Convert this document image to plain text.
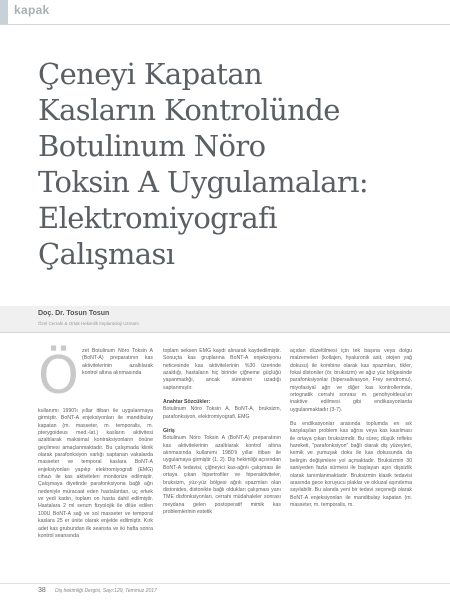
kapak
Çeneyi Kapatan
Kasların Kontrolünde
Botulinum Nöro
Toksin A Uygulamaları:
Elektromiyografi
Çalışması
Doç. Dr. Tosun Tosun
Özel Cerrahi & Ortak Hekimlik İmplantoloji Uzmanı
Ö zet Botulinum Nöro Toksin A (BoNT-A) preparatının kas aktivitelerinin azaltılarak kontrol altına alınmasında

kullanımı 1990'lı yıllar itibarı ile uygulanmaya girmiştir. BoNT-A enjeksiyonları ile mandibulay kapatan (m. masseter, m. temporalis, m. pterygoideus med.-lat.) kasların aktivitesi azaltılarak maksimal kontraksiyonların önüne geçilmesi amaçlanmaktadır. Bu çalışmada klinik olarak parafonksiyon varlığı saptanan vakalarda masseter ve temporal kaslara BoNT-A enjeksiyonları yapılıp elektromiyografi (EMG) cihazı ile kas aktiviteleri monitorize edilmiştir. Çalışmaya diyetinde parafonksiyona bağlı ağrı nedeniyle müracaat eden hastalardan, uç erkek ve yedi kadın, toplam on hasta dahil edilmiştir. Hastalara 2 ml serum fizyolojik ile dilüe edilen 100U BoNT-A sağ ve sol masseter ve temporal kaslara 25 er ünite olarak enjekte edilmiştir. Kırk adet kas grubundan ilk seansta ve iki hafta sonra kontrol seansında

toplam seksen EMG kaydı alınarak kaydedilmiştir. Sonuçta kas gruplarına BoNT-A enjeksiyonu neticesinde kas aktivitelerinin %30 üzerinde azaldığı, hastaların hiç birinde çiğneme güçlüğü yaşanmadığı, ancak süresinin uzadığı saptanmıştır.

Anahtar Sözcükler:

Botulinum Nöro Toksin A, BoNT-A, bruksizm, parafonksiyon, elektromiyografi, EMG

Giriş

Botulinum Nöro Toksin A (BoNT-A) preparatının kas aktivitelerinin azaltılarak kontrol altına alınmasında kullanımı 1980'li yıllar itibarı ile uygulamaya girmiştir (1, 2). Diş hekimliği açısından BoNT-A tedavisi, çiğneyici kas-ağrılı çalışması ile ortaya çıkan hipertrofiler ve hiperaktiviteler, bruksizm, yüz-yüz bölgesi ağrılı spazmları olan distonides, distonikte bağlı oldukları çalışması yanı TME disfonksiyonları, cerrahi müdahaleler sonrası meydana gelen postoperatif mimik kas problemlerinin estetik

açıdan düzeltilmesi için tek başına veya dolgu malzemeleri (kollajen, hyaluronik asit, otojen yağ dokusu) ile kombine olarak kas spazmları, tikler, fokal distoniler (ör. bruksizm) ve ağız yüz bölgesinde parafonksiyonlar (hipersalivasyon, Frey sendromu), miyofasiyal ağrı ve diğer kas kontrollerinde, ortognatik cerrahi sonrası m. genohyoideus'un inaktive edilmesi gibi endikasyonlarda uygulanmaktadır (3-7).

Bu endikasyonlar arasında toplumda en sık karşılaşılan problem kas ağrısı veya kas kasılması ile ortaya çıkan bruksizmdir. Bu süreç düşük refleks hareketi, "parafonksiyon" bağlı olarak diş yüzeyleri, kemik ve yumuşak doku ile kas dokusunda da belirgin değişimlere yol açmaktadır. Bruksizmin 30 saniyeden fazla sürmesi ile başlayan aşırı dişsizlik olarak tanımlanmaktadır. Bruksizmin klasik tedavisi arasında gece koruyucu plaklar ve okluzal aşındırma sayılabilir. Bu alanda yeni bir tedavi seçeneği olarak BoNT-A enjeksiyonları ile mandibulay kapatan (m. masseter, m. temporalis, m.

38 Diş hekimliği Dergisi, Sayı:129, Temmuz 2017
